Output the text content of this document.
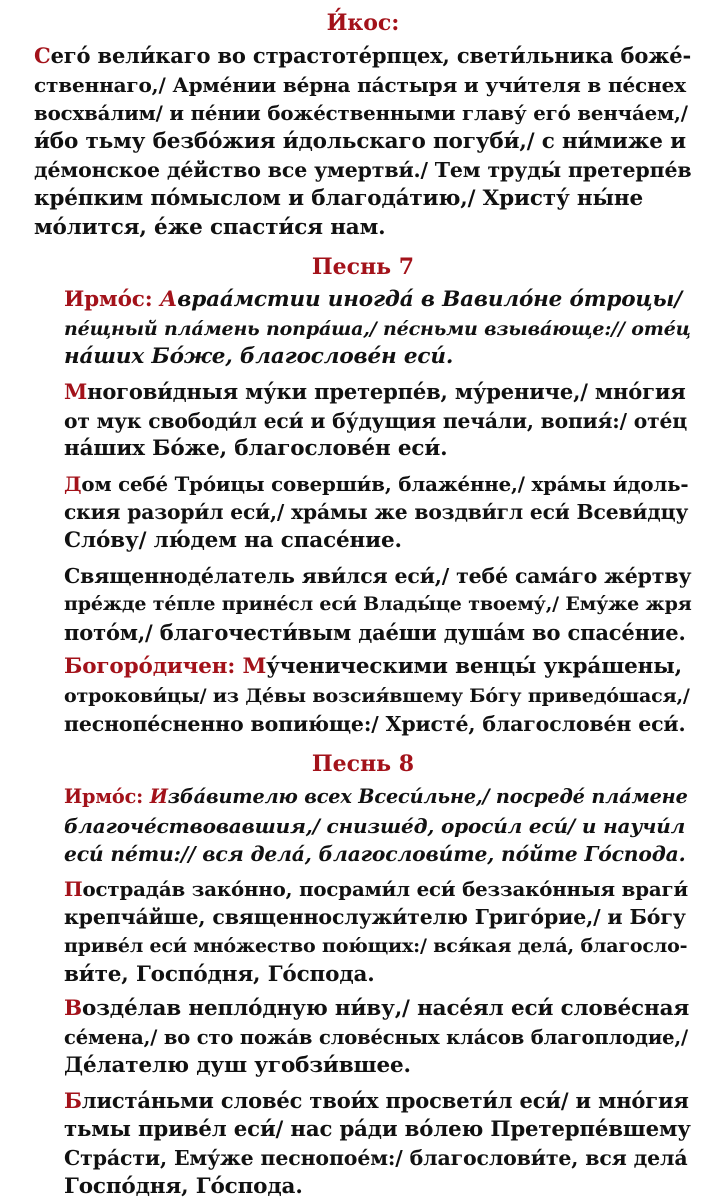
И́кос:
Сего́ вели́каго во страстоте́рпцех, свети́льника боже́-
ственнаго,/ Арме́нии ве́рна па́стыря и учи́теля в пе́снех
восхва́лим/ и пе́нии боже́ственными главу́ его́ венча́ем,/
и́бо тьму безбо́жия и́дольскаго погуби́,/ с ни́миже и
де́монское де́йство все умертви́./ Тем труды́ претерпе́в
кре́пким по́мыслом и благода́тию,/ Христу́ ны́не
мо́лится, е́же спасти́ся нам.
Песнь 7
Ирмо́с: Авраа́мстии иногда́ в Вавило́не о́троцы/
пе́щный пла́мень попра́ша,/ пе́сньми взыва́юще:// оте́ц
на́ших Бо́же, благослове́н еси́.
Многови́дныя му́ки претерпе́в, му́рениче,/ мно́гия
от мук свободи́л еси́ и бу́дущия печа́ли, вопия́:/ оте́ц
на́ших Бо́же, благослове́н еси́.
Дом себе́ Тро́ицы соверши́в, блаже́нне,/ хра́мы и́доль-
ския разори́л еси́,/ хра́мы же воздви́гл еси́ Всеви́дцу
Сло́ву/ лю́дем на спасе́ние.
Священноде́латель яви́лся еси́,/ тебе́ сама́го же́ртву
пре́жде те́пле прине́сл еси́ Влады́це твоему́,/ Ему́же жря
пото́м,/ благочести́вым дае́ши душа́м во спасе́ние.
Богоро́дичен: Му́ченическими венцы́ укра́шены,
отрокови́цы/ из Де́вы возсия́вшему Бо́гу приведо́шася,/
песнопе́сненно вопию́ще:/ Христе́, благослове́н еси́.
Песнь 8
Ирмо́с: Изба́вителю всех Всеси́льне,/ посреде́ пла́мене
благоче́ствовавшия,/ снизше́д, ороси́л еси́/ и научи́л
еси́ пе́ти:// вся дела́, благослови́те, по́йте Го́спода.
Пострада́в зако́нно, посрами́л еси́ беззако́нныя враги́
крепча́йше, священнослужи́телю Григо́рие,/ и Бо́гу
приве́л еси́ мно́жество пою́щих:/ вся́кая дела́, благосло-
ви́те, Госпо́дня, Го́спода.
Возде́лав непло́дную ни́ву,/ насе́ял еси́ слове́сная
се́мена,/ во сто пожа́в слове́сных кла́сов благоплодие,/
Де́лателю душ угобзи́вшее.
Блиста́ньми слове́с твои́х просвети́л еси́/ и мно́гия
тьмы приве́л еси́/ нас ра́ди во́лею Претерпе́вшему
Стра́сти, Ему́же песнопое́м:/ благослови́те, вся дела́
Госпо́дня, Го́спода.
